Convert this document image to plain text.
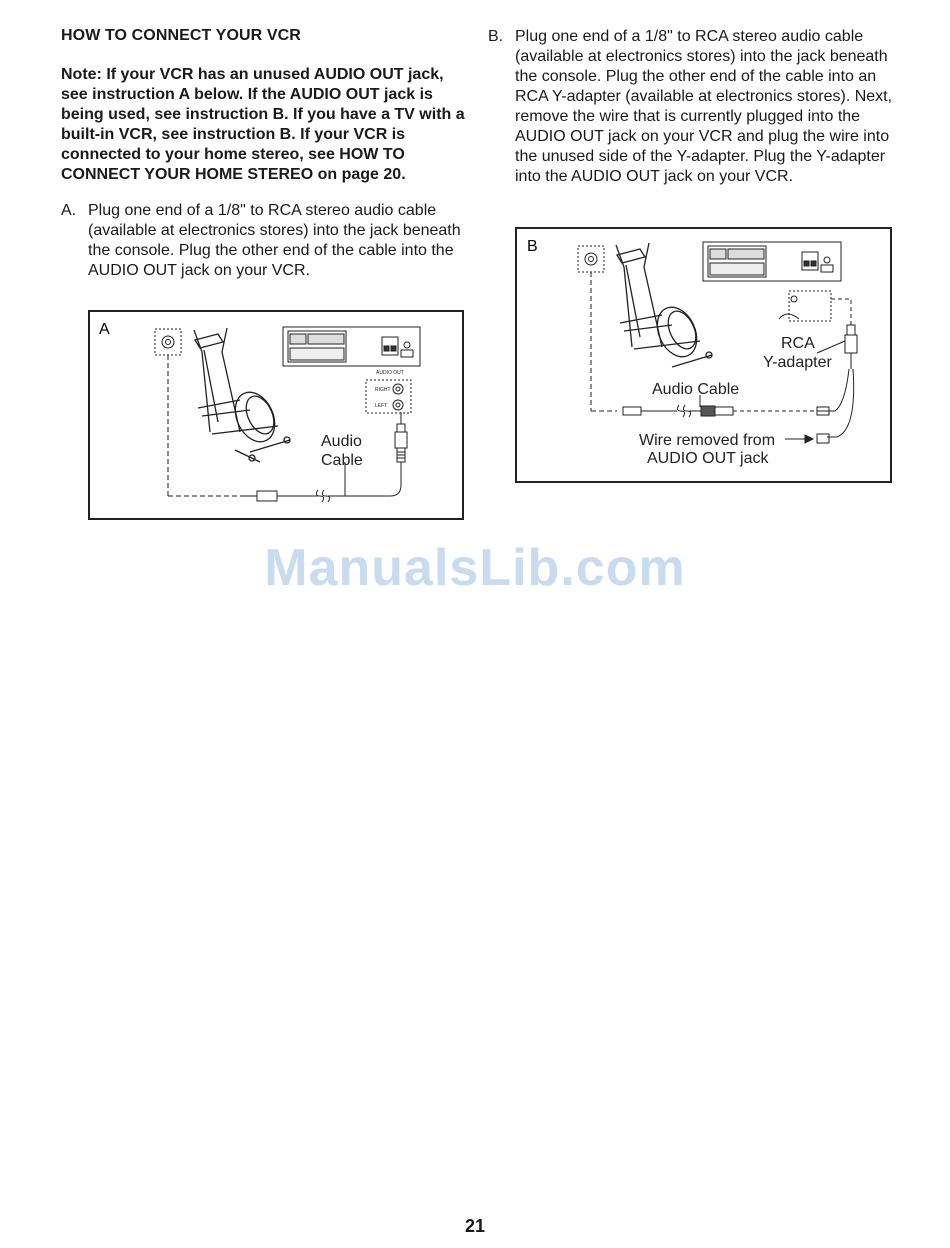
HOW TO CONNECT YOUR VCR
Note: If your VCR has an unused AUDIO OUT jack, see instruction A below. If the AUDIO OUT jack is being used, see instruction B. If you have a TV with a built-in VCR, see instruction B. If your VCR is connected to your home stereo, see HOW TO CONNECT YOUR HOME STEREO on page 20.
A. Plug one end of a 1/8" to RCA stereo audio cable (available at electronics stores) into the jack beneath the console. Plug the other end of the cable into the AUDIO OUT jack on your VCR.
B. Plug one end of a 1/8" to RCA stereo audio cable (available at electronics stores) into the jack beneath the console. Plug the other end of the cable into an RCA Y-adapter (available at electronics stores). Next, remove the wire that is currently plugged into the AUDIO OUT jack on your VCR and plug the wire into the unused side of the Y-adapter. Plug the Y-adapter into the AUDIO OUT jack on your VCR.
A
AUDIO OUT
RIGHT
LEFT
Audio
Cable
B
RCA
Y-adapter
Audio Cable
Wire removed from
AUDIO OUT jack
ManualsLib.com
21
